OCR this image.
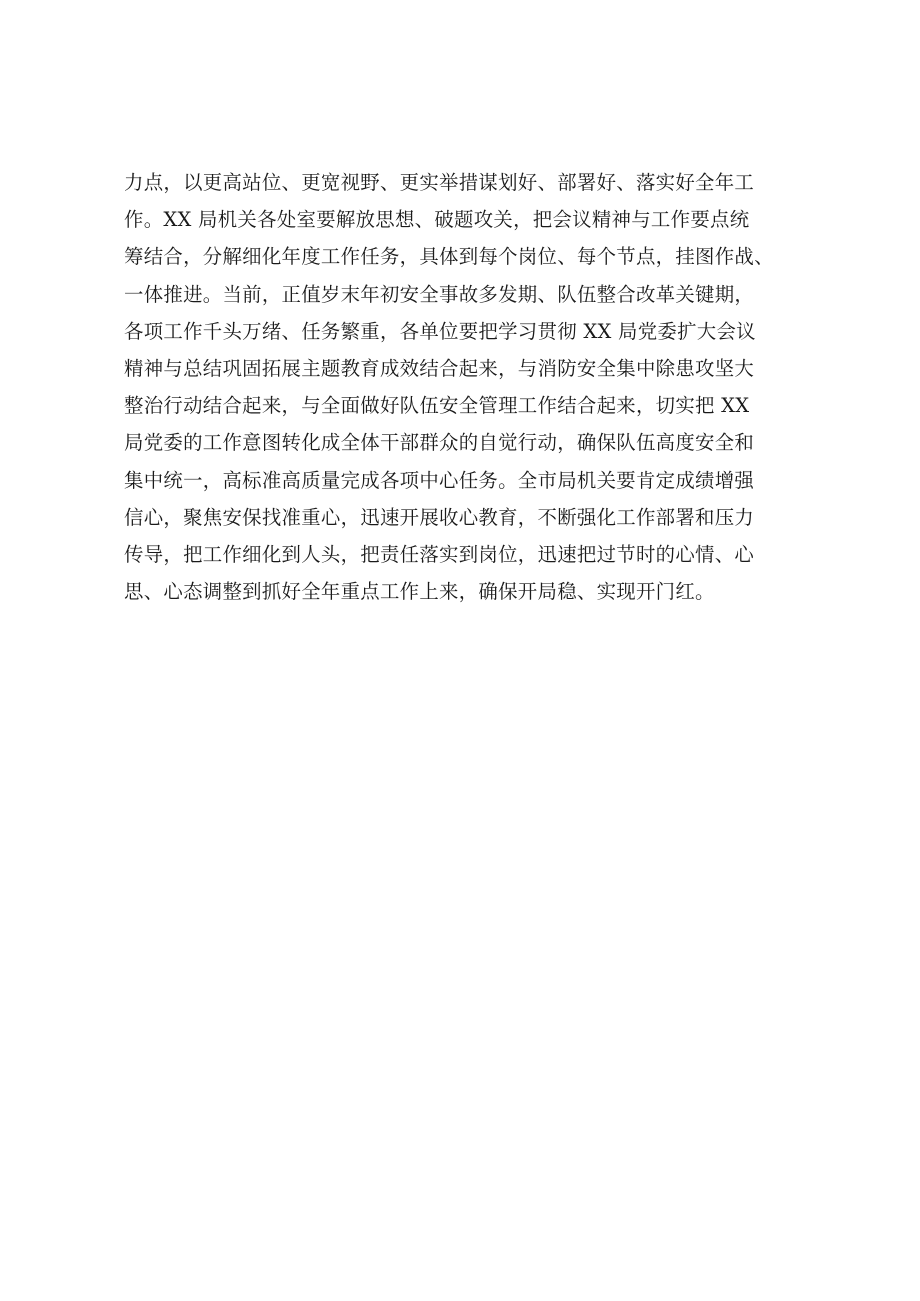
力点，以更高站位、更宽视野、更实举措谋划好、部署好、落实好全年工
作。XX 局机关各处室要解放思想、破题攻关，把会议精神与工作要点统
筹结合，分解细化年度工作任务，具体到每个岗位、每个节点，挂图作战、
一体推进。当前，正值岁末年初安全事故多发期、队伍整合改革关键期，
各项工作千头万绪、任务繁重，各单位要把学习贯彻 XX 局党委扩大会议
精神与总结巩固拓展主题教育成效结合起来，与消防安全集中除患攻坚大
整治行动结合起来，与全面做好队伍安全管理工作结合起来，切实把 XX
局党委的工作意图转化成全体干部群众的自觉行动，确保队伍高度安全和
集中统一，高标准高质量完成各项中心任务。全市局机关要肯定成绩增强
信心，聚焦安保找准重心，迅速开展收心教育，不断强化工作部署和压力
传导，把工作细化到人头，把责任落实到岗位，迅速把过节时的心情、心
思、心态调整到抓好全年重点工作上来，确保开局稳、实现开门红。
